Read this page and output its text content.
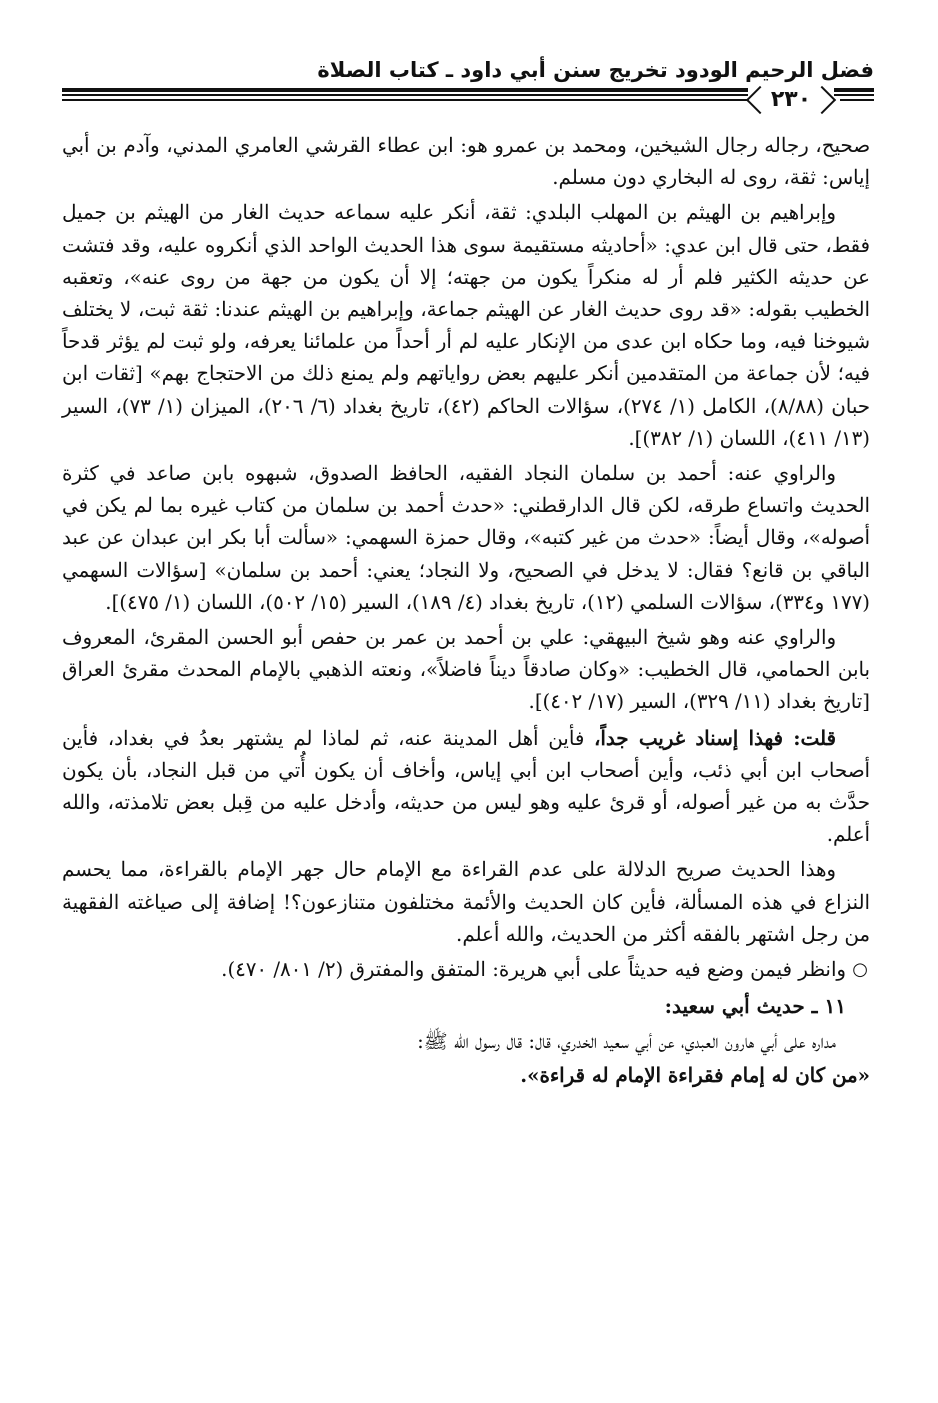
فضل الرحيم الودود تخريج سنن أبي داود ـ كتاب الصلاة
٢٣٠

صحيح، رجاله رجال الشيخين، ومحمد بن عمرو هو: ابن عطاء القرشي العامري المدني، وآدم بن أبي إياس: ثقة، روى له البخاري دون مسلم.

وإبراهيم بن الهيثم بن المهلب البلدي: ثقة، أنكر عليه سماعه حديث الغار من الهيثم بن جميل فقط، حتى قال ابن عدي: «أحاديثه مستقيمة سوى هذا الحديث الواحد الذي أنكروه عليه، وقد فتشت عن حديثه الكثير فلم أر له منكراً يكون من جهته؛ إلا أن يكون من جهة من روى عنه»، وتعقبه الخطيب بقوله: «قد روى حديث الغار عن الهيثم جماعة، وإبراهيم بن الهيثم عندنا: ثقة ثبت، لا يختلف شيوخنا فيه، وما حكاه ابن عدى من الإنكار عليه لم أر أحداً من علمائنا يعرفه، ولو ثبت لم يؤثر قدحاً فيه؛ لأن جماعة من المتقدمين أنكر عليهم بعض رواياتهم ولم يمنع ذلك من الاحتجاج بهم» [ثقات ابن حبان (٨/٨٨)، الكامل (١/ ٢٧٤)، سؤالات الحاكم (٤٢)، تاريخ بغداد (٦/ ٢٠٦)، الميزان (١/ ٧٣)، السير (١٣/ ٤١١)، اللسان (١/ ٣٨٢)].

والراوي عنه: أحمد بن سلمان النجاد الفقيه، الحافظ الصدوق، شبهوه بابن صاعد في كثرة الحديث واتساع طرقه، لكن قال الدارقطني: «حدث أحمد بن سلمان من كتاب غيره بما لم يكن في أصوله»، وقال أيضاً: «حدث من غير كتبه»، وقال حمزة السهمي: «سألت أبا بكر ابن عبدان عن عبد الباقي بن قانع؟ فقال: لا يدخل في الصحيح، ولا النجاد؛ يعني: أحمد بن سلمان» [سؤالات السهمي (١٧٧ و٣٣٤)، سؤالات السلمي (١٢)، تاريخ بغداد (٤/ ١٨٩)، السير (١٥/ ٥٠٢)، اللسان (١/ ٤٧٥)].

والراوي عنه وهو شيخ البيهقي: علي بن أحمد بن عمر بن حفص أبو الحسن المقرئ، المعروف بابن الحمامي، قال الخطيب: «وكان صادقاً ديناً فاضلاً»، ونعته الذهبي بالإمام المحدث مقرئ العراق [تاريخ بغداد (١١/ ٣٢٩)، السير (١٧/ ٤٠٢)].

قلت: فهذا إسناد غريب جداً، فأين أهل المدينة عنه، ثم لماذا لم يشتهر بعدُ في بغداد، فأين أصحاب ابن أبي ذئب، وأين أصحاب ابن أبي إياس، وأخاف أن يكون أُتي من قبل النجاد، بأن يكون حدَّث به من غير أصوله، أو قرئ عليه وهو ليس من حديثه، وأدخل عليه من قِبل بعض تلامذته، والله أعلم.

وهذا الحديث صريح الدلالة على عدم القراءة مع الإمام حال جهر الإمام بالقراءة، مما يحسم النزاع في هذه المسألة، فأين كان الحديث والأئمة مختلفون متنازعون؟! إضافة إلى صياغته الفقهية من رجل اشتهر بالفقه أكثر من الحديث، والله أعلم.

○
وانظر فيمن وضع فيه حديثاً على أبي هريرة: المتفق والمفترق (٢/ ٨٠١/ ٤٧٠).

١١ ـ حديث أبي سعيد:

مداره على أبي هارون العبدي، عن أبي سعيد الخدري، قال: قال رسول الله ﷺ:
«من كان له إمام فقراءة الإمام له قراءة».
